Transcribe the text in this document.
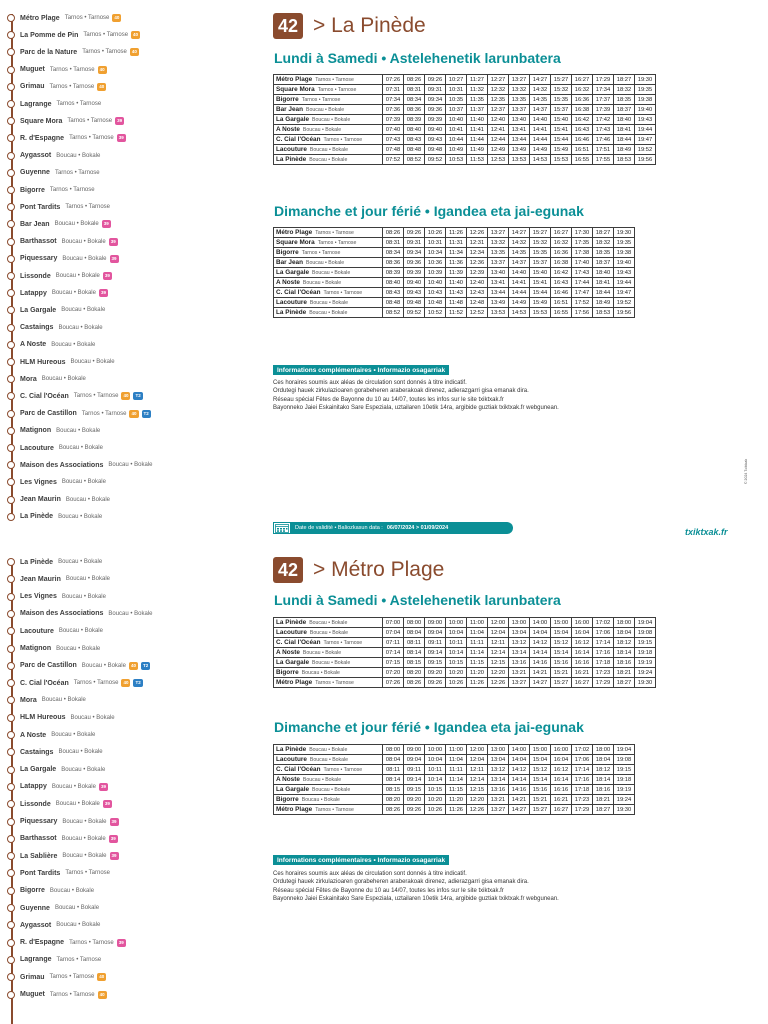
Métro Plage Tarnos • Tarnose	40
La Pomme de Pin Tarnos • Tarnose	40
Parc de la Nature Tarnos • Tarnose	40
Muguet Tarnos • Tarnose	40
Grimau Tarnos • Tarnose	40
Lagrange Tarnos • Tarnose
Square Mora Tarnos • Tarnose	39
R. d'Espagne Tarnos • Tarnose	39
Aygassot Boucau • Bokale
Guyenne Tarnos • Tarnose
Bigorre Tarnos • Tarnose
Pont Tardits Tarnos • Tarnose
Bar Jean Boucau • Bokale	39
Barthassot Boucau • Bokale	39
Piquessary Boucau • Bokale	39
Lissonde Boucau • Bokale	39
Latappy Boucau • Bokale	39
La Gargale Boucau • Bokale
Castaings Boucau • Bokale
A Noste Boucau • Bokale
HLM Hureous Boucau • Bokale
Mora Boucau • Bokale
C. Cial l'Océan Tarnos • Tarnose	40	T2
Parc de Castillon Tarnos • Tarnose	40	T2
Matignon Boucau • Bokale
Lacouture Boucau • Bokale
Maison des Associations Boucau • Bokale
Les Vignes Boucau • Bokale
Jean Maurin Boucau • Bokale
La Pinède Boucau • Bokale
42 > La Pinède
Lundi à Samedi • Astelehenetik larunbatera
Métro Plage Tarnos • Tarnose	07:26	08:26	09:26	10:27	11:27	12:27	13:27	14:27	15:27	16:27	17:29	18:27	19:30
Square Mora Tarnos • Tarnose	07:31	08:31	09:31	10:31	11:32	12:32	13:32	14:32	15:32	16:32	17:34	18:32	19:35
Bigorre Tarnos • Tarnose	07:34	08:34	09:34	10:35	11:35	12:35	13:35	14:35	15:35	16:36	17:37	18:35	19:38
Bar Jean Boucau • Bokale	07:36	08:36	09:36	10:37	11:37	12:37	13:37	14:37	15:37	16:38	17:39	18:37	19:40
La Gargale Boucau • Bokale	07:39	08:39	09:39	10:40	11:40	12:40	13:40	14:40	15:40	16:42	17:42	18:40	19:43
A Noste Boucau • Bokale	07:40	08:40	09:40	10:41	11:41	12:41	13:41	14:41	15:41	16:43	17:43	18:41	19:44
C. Cial l'Océan Tarnos • Tarnose	07:43	08:43	09:43	10:44	11:44	12:44	13:44	14:44	15:44	16:46	17:46	18:44	19:47
Lacouture Boucau • Bokale	07:48	08:48	09:48	10:49	11:49	12:49	13:49	14:49	15:49	16:51	17:51	18:49	19:52
La Pinède Boucau • Bokale	07:52	08:52	09:52	10:53	11:53	12:53	13:53	14:53	15:53	16:55	17:55	18:53	19:56
Dimanche et jour férié • Igandea eta jai-egunak
Métro Plage Tarnos • Tarnose	08:26	09:26	10:26	11:26	12:26	13:27	14:27	15:27	16:27	17:30	18:27	19:30
Square Mora Tarnos • Tarnose	08:31	09:31	10:31	11:31	12:31	13:32	14:32	15:32	16:32	17:35	18:32	19:35
Bigorre Tarnos • Tarnose	08:34	09:34	10:34	11:34	12:34	13:35	14:35	15:35	16:36	17:38	18:35	19:38
Bar Jean Boucau • Bokale	08:36	09:36	10:36	11:36	12:36	13:37	14:37	15:37	16:38	17:40	18:37	19:40
La Gargale Boucau • Bokale	08:39	09:39	10:39	11:39	12:39	13:40	14:40	15:40	16:42	17:43	18:40	19:43
A Noste Boucau • Bokale	08:40	09:40	10:40	11:40	12:40	13:41	14:41	15:41	16:43	17:44	18:41	19:44
C. Cial l'Océan Tarnos • Tarnose	08:43	09:43	10:43	11:43	12:43	13:44	14:44	15:44	16:46	17:47	18:44	19:47
Lacouture Boucau • Bokale	08:48	09:48	10:48	11:48	12:48	13:49	14:49	15:49	16:51	17:52	18:49	19:52
La Pinède Boucau • Bokale	08:52	09:52	10:52	11:52	12:52	13:53	14:53	15:53	16:55	17:56	18:53	19:56
Informations complémentaires • Informazio osagarriak
Ces horaires soumis aux aléas de circulation sont donnés à titre indicatif.
Ordutegi hauek zirkulazioaren gorabeheren araberakoak direnez, adierazgarri gisa emanak dira.
Réseau spécial Fêtes de Bayonne du 10 au 14/07, toutes les infos sur le site txiktxak.fr
Bayonneko Jaiei Eskainitako Sare Espeziala, uztailaren 10etik 14ra, argibide guztiak txiktxak.fr webgunean.
Date de validité • Baliozkasun data : 06/07/2024 > 01/09/2024	txiktxak.fr
© 2024 Txiktxak
La Pinède Boucau • Bokale
Jean Maurin Boucau • Bokale
Les Vignes Boucau • Bokale
Maison des Associations Boucau • Bokale
Lacouture Boucau • Bokale
Matignon Boucau • Bokale
Parc de Castillon Boucau • Bokale	40	T2
C. Cial l'Océan Tarnos • Tarnose	40	T2
Mora Boucau • Bokale
HLM Hureous Boucau • Bokale
A Noste Boucau • Bokale
Castaings Boucau • Bokale
La Gargale Boucau • Bokale
Latappy Boucau • Bokale	39
Lissonde Boucau • Bokale	39
Piquessary Boucau • Bokale	39
Barthassot Boucau • Bokale	39
La Sablière Boucau • Bokale	39
Pont Tardits Tarnos • Tarnose
Bigorre Boucau • Bokale
Guyenne Boucau • Bokale
Aygassot Boucau • Bokale
R. d'Espagne Tarnos • Tarnose	39
Lagrange Tarnos • Tarnose
Grimau Tarnos • Tarnose	40
Muguet Tarnos • Tarnose	40
42 > Métro Plage
Lundi à Samedi • Astelehenetik larunbatera
La Pinède Boucau • Bokale	07:00	08:00	09:00	10:00	11:00	12:00	13:00	14:00	15:00	16:00	17:02	18:00	19:04
Lacouture Boucau • Bokale	07:04	08:04	09:04	10:04	11:04	12:04	13:04	14:04	15:04	16:04	17:06	18:04	19:08
C. Cial l'Océan Tarnos • Tarnose	07:11	08:11	09:11	10:11	11:11	12:11	13:12	14:12	15:12	16:12	17:14	18:12	19:15
A Noste Boucau • Bokale	07:14	08:14	09:14	10:14	11:14	12:14	13:14	14:14	15:14	16:14	17:16	18:14	19:18
La Gargale Boucau • Bokale	07:15	08:15	09:15	10:15	11:15	12:15	13:16	14:16	15:16	16:16	17:18	18:16	19:19
Bigorre Boucau • Bokale	07:20	08:20	09:20	10:20	11:20	12:20	13:21	14:21	15:21	16:21	17:23	18:21	19:24
Métro Plage Tarnos • Tarnose	07:26	08:26	09:26	10:26	11:26	12:26	13:27	14:27	15:27	16:27	17:29	18:27	19:30
Dimanche et jour férié • Igandea eta jai-egunak
La Pinède Boucau • Bokale	08:00	09:00	10:00	11:00	12:00	13:00	14:00	15:00	16:00	17:02	18:00	19:04
Lacouture Boucau • Bokale	08:04	09:04	10:04	11:04	12:04	13:04	14:04	15:04	16:04	17:06	18:04	19:08
C. Cial l'Océan Tarnos • Tarnose	08:11	09:11	10:11	11:11	12:11	13:12	14:12	15:12	16:12	17:14	18:12	19:15
A Noste Boucau • Bokale	08:14	09:14	10:14	11:14	12:14	13:14	14:14	15:14	16:14	17:16	18:14	19:18
La Gargale Boucau • Bokale	08:15	09:15	10:15	11:15	12:15	13:16	14:16	15:16	16:16	17:18	18:16	19:19
Bigorre Boucau • Bokale	08:20	09:20	10:20	11:20	12:20	13:21	14:21	15:21	16:21	17:23	18:21	19:24
Métro Plage Tarnos • Tarnose	08:26	09:26	10:26	11:26	12:26	13:27	14:27	15:27	16:27	17:29	18:27	19:30
Informations complémentaires • Informazio osagarriak
Ces horaires soumis aux aléas de circulation sont donnés à titre indicatif.
Ordutegi hauek zirkulazioaren gorabeheren araberakoak direnez, adierazgarri gisa emanak dira.
Réseau spécial Fêtes de Bayonne du 10 au 14/07, toutes les infos sur le site txiktxak.fr
Bayonneko Jaiei Eskainitako Sare Espeziala, uztailaren 10etik 14ra, argibide guztiak txiktxak.fr webgunean.
